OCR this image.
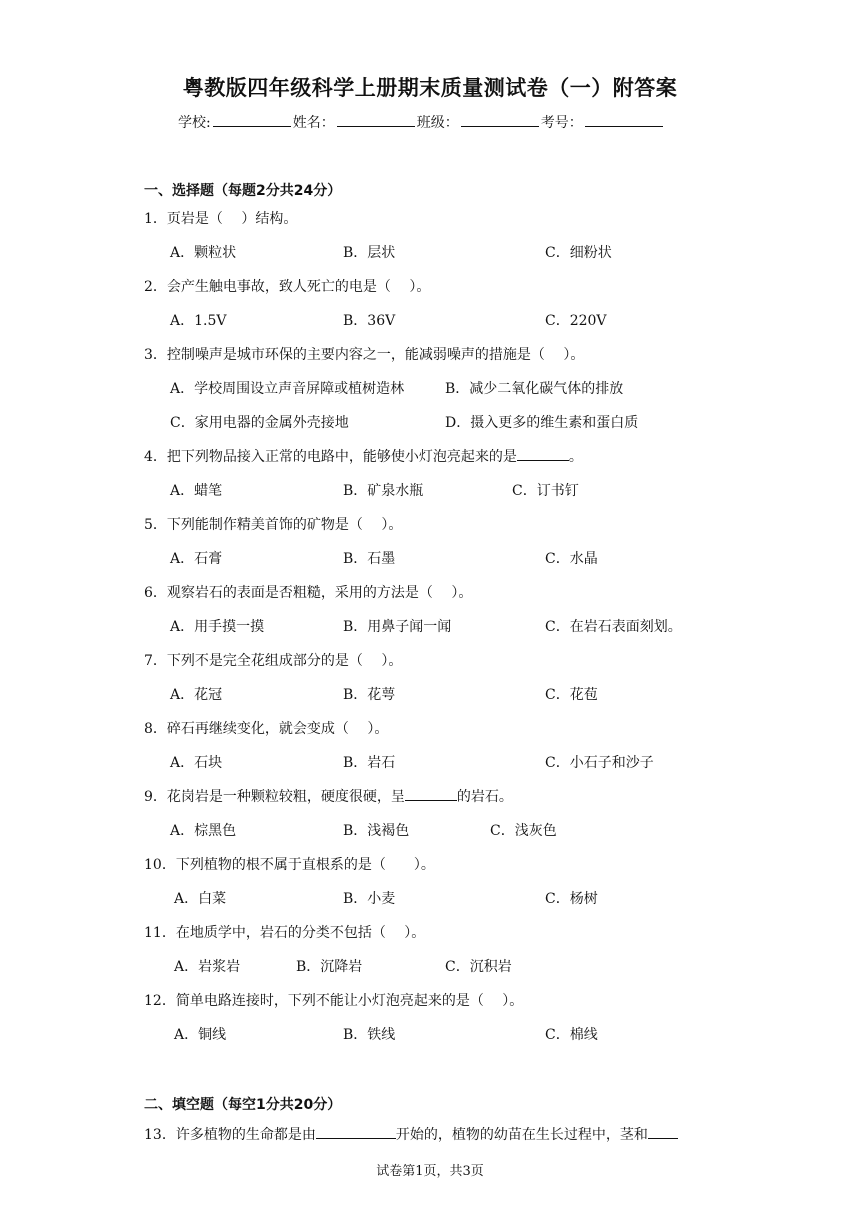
粤教版四年级科学上册期末质量测试卷（一）附答案
学校:	姓名：	班级：	考号：
一、选择题（每题2分共24分）
1．页岩是（　 ）结构。
A．颗粒状	B．层状	C．细粉状
2．会产生触电事故，致人死亡的电是（　 ）。
A．1.5V	B．36V	C．220V
3．控制噪声是城市环保的主要内容之一，能减弱噪声的措施是（　 ）。
A．学校周围设立声音屏障或植树造林	B．减少二氧化碳气体的排放
C．家用电器的金属外壳接地	D．摄入更多的维生素和蛋白质
4．把下列物品接入正常的电路中，能够使小灯泡亮起来的是	。
A．蜡笔	B．矿泉水瓶	C．订书钉
5．下列能制作精美首饰的矿物是（　 ）。
A．石膏	B．石墨	C．水晶
6．观察岩石的表面是否粗糙，采用的方法是（　 ）。
A．用手摸一摸	B．用鼻子闻一闻	C．在岩石表面刻划。
7．下列不是完全花组成部分的是（　 ）。
A．花冠	B．花萼	C．花苞
8．碎石再继续变化，就会变成（　 ）。
A．石块	B．岩石	C．小石子和沙子
9．花岗岩是一种颗粒较粗，硬度很硬，呈	的岩石。
A．棕黑色	B．浅褐色	C．浅灰色
10．下列植物的根不属于直根系的是（　　）。
A．白菜	B．小麦	C．杨树
11．在地质学中，岩石的分类不包括（　 ）。
A．岩浆岩	B．沉降岩	C．沉积岩
12．简单电路连接时，下列不能让小灯泡亮起来的是（　 ）。
A．铜线	B．铁线	C．棉线
二、填空题（每空1分共20分）
13．许多植物的生命都是由	开始的，植物的幼苗在生长过程中，茎和
试卷第1页，共3页
